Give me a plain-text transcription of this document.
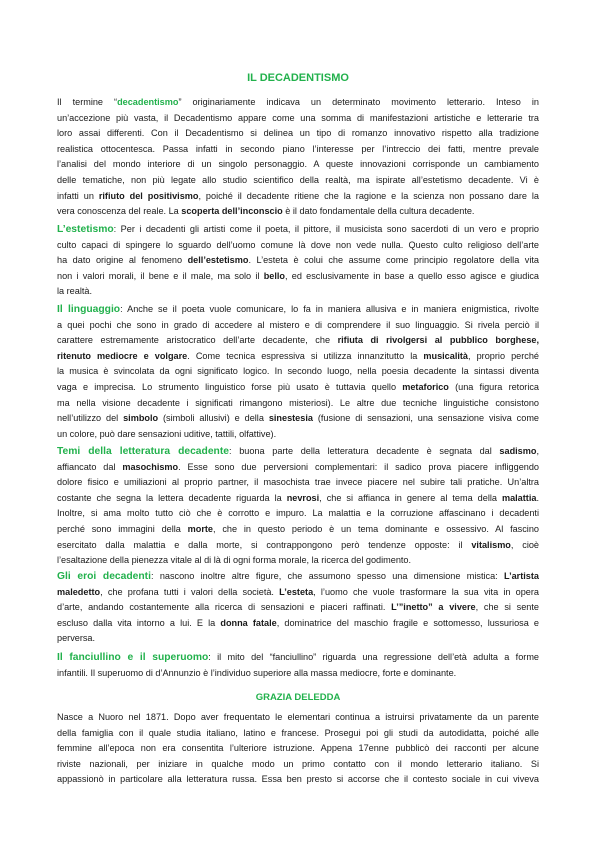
IL DECADENTISMO
Il termine “decadentismo” originariamente indicava un determinato movimento letterario. Inteso in
un’accezione più vasta, il Decadentismo appare come una somma di manifestazioni artistiche e letterarie tra
loro assai differenti. Con il Decadentismo si delinea un tipo di romanzo innovativo rispetto alla tradizione
realistica ottocentesca. Passa infatti in secondo piano l’interesse per l’intreccio dei fatti, mentre prevale
l’analisi del mondo interiore di un singolo personaggio. A queste innovazioni corrisponde un cambiamento
delle tematiche, non più legate allo studio scientifico della realtà, ma ispirate all’estetismo decadente. Vi è
infatti un rifiuto del positivismo, poiché il decadente ritiene che la ragione e la scienza non possano dare la
vera conoscenza del reale. La scoperta dell’inconscio è il dato fondamentale della cultura decadente.
L’estetismo: Per i decadenti gli artisti come il poeta, il pittore, il musicista sono sacerdoti di un vero e proprio
culto capaci di spingere lo sguardo dell’uomo comune là dove non vede nulla. Questo culto religioso dell’arte
ha dato origine al fenomeno dell’estetismo. L’esteta è colui che assume come principio regolatore della vita
non i valori morali, il bene e il male, ma solo il bello, ed esclusivamente in base a quello esso agisce e giudica
la realtà.
Il linguaggio: Anche se il poeta vuole comunicare, lo fa in maniera allusiva e in maniera enigmistica, rivolte
a quei pochi che sono in grado di accedere al mistero e di comprendere il suo linguaggio. Si rivela perciò il
carattere estremamente aristocratico dell’arte decadente, che rifiuta di rivolgersi al pubblico borghese,
ritenuto mediocre e volgare. Come tecnica espressiva si utilizza innanzitutto la musicalità, proprio perché
la musica è svincolata da ogni significato logico. In secondo luogo, nella poesia decadente la sintassi diventa
vaga e imprecisa. Lo strumento linguistico forse più usato è tuttavia quello metaforico (una figura retorica
ma nella visione decadente i significati rimangono misteriosi). Le altre due tecniche linguistiche consistono
nell’utilizzo del simbolo (simboli allusivi) e della sinestesia (fusione di sensazioni, una sensazione visiva come
un colore, può dare sensazioni uditive, tattili, olfattive).
Temi della letteratura decadente: buona parte della letteratura decadente è segnata dal sadismo,
affiancato dal masochismo. Esse sono due perversioni complementari: il sadico prova piacere infliggendo
dolore fisico e umiliazioni al proprio partner, il masochista trae invece piacere nel subire tali pratiche. Un’altra
costante che segna la lettera decadente riguarda la nevrosi, che si affianca in genere al tema della malattia.
Inoltre, si ama molto tutto ciò che è corrotto e impuro. La malattia e la corruzione affascinano i decadenti
perché sono immagini della morte, che in questo periodo è un tema dominante e ossessivo. Al fascino
esercitato dalla malattia e dalla morte, si contrappongono però tendenze opposte: il vitalismo, cioè
l’esaltazione della pienezza vitale al di là di ogni forma morale, la ricerca del godimento.
Gli eroi decadenti: nascono inoltre altre figure, che assumono spesso una dimensione mistica: L’artista
maledetto, che profana tutti i valori della società. L’esteta, l’uomo che vuole trasformare la sua vita in opera
d’arte, andando costantemente alla ricerca di sensazioni e piaceri raffinati. L’”inetto” a vivere, che si sente
escluso dalla vita intorno a lui. E la donna fatale, dominatrice del maschio fragile e sottomesso, lussuriosa e
perversa.
Il fanciullino e il superuomo: il mito del “fanciullino” riguarda una regressione dell’età adulta a forme
infantili. Il superuomo di d’Annunzio è l’individuo superiore alla massa mediocre, forte e dominante.
GRAZIA DELEDDA
Nasce a Nuoro nel 1871. Dopo aver frequentato le elementari continua a istruirsi privatamente da un parente
della famiglia con il quale studia italiano, latino e francese. Prosegui poi gli studi da autodidatta, poiché alle
femmine all’epoca non era consentita l’ulteriore istruzione. Appena 17enne pubblicò dei racconti per alcune
riviste nazionali, per iniziare in qualche modo un primo contatto con il mondo letterario italiano. Si
appassionò in particolare alla letteratura russa. Essa ben presto si accorse che il contesto sociale in cui viveva
